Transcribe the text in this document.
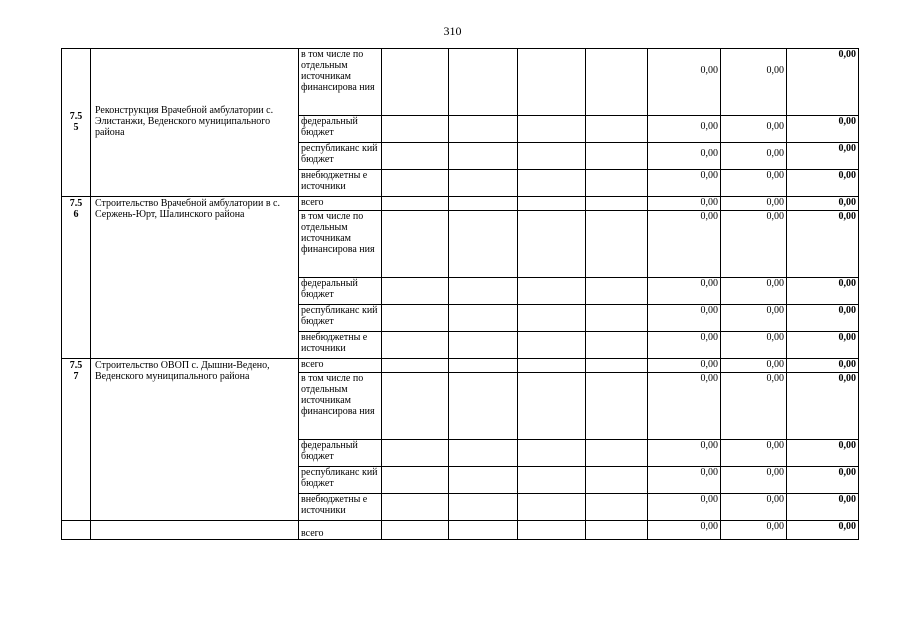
310
7.5
5	Реконструкция Врачебной амбулатории с. Элистанжи, Веденского муниципального района	в том числе по отдельным источникам финансирова ния					0,00	0,00	0,00
		федеральный бюджет					0,00	0,00	0,00
		республиканс кий бюджет					0,00	0,00	0,00
		внебюджетны е источники					0,00	0,00	0,00
7.5
6	Строительство Врачебной амбулатории в с. Сержень-Юрт, Шалинского района	всего					0,00	0,00	0,00
		в том числе по отдельным источникам финансирова ния					0,00	0,00	0,00
		федеральный бюджет					0,00	0,00	0,00
		республиканс кий бюджет					0,00	0,00	0,00
		внебюджетны е источники					0,00	0,00	0,00
7.5
7	Строительство ОВОП с. Дышни-Ведено, Веденского муниципального района	всего					0,00	0,00	0,00
		в том числе по отдельным источникам финансирова ния					0,00	0,00	0,00
		федеральный бюджет					0,00	0,00	0,00
		республиканс кий бюджет					0,00	0,00	0,00
		внебюджетны е источники					0,00	0,00	0,00
		всего					0,00	0,00	0,00
